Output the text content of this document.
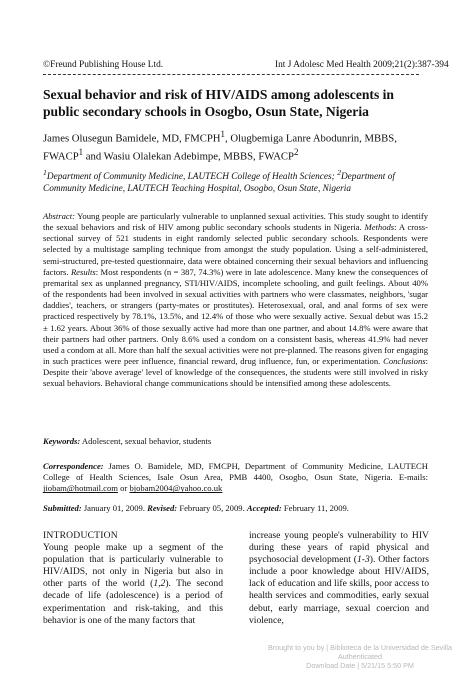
©Freund Publishing House Ltd.	Int J Adolesc Med Health 2009;21(2):387-394
Sexual behavior and risk of HIV/AIDS among adolescents in public secondary schools in Osogbo, Osun State, Nigeria
James Olusegun Bamidele, MD, FMCPH$^1$, Olugbemiga Lanre Abodunrin, MBBS,
FWACP$^1$ and Wasiu Olalekan Adebimpe, MBBS, FWACP$^2$
$^1$Department of Community Medicine, LAUTECH College of Health Sciences; $^2$Department of Community Medicine, LAUTECH Teaching Hospital, Osogbo, Osun State, Nigeria
Abstract: Young people are particularly vulnerable to unplanned sexual activities. This study sought to identify the sexual behaviors and risk of HIV among public secondary schools students in Nigeria. Methods: A cross-sectional survey of 521 students in eight randomly selected public secondary schools. Respondents were selected by a multistage sampling technique from amongst the study population. Using a self-administered, semi-structured, pre-tested questionnaire, data were obtained concerning their sexual behaviors and influencing factors. Results: Most respondents (n = 387, 74.3%) were in late adolescence. Many knew the consequences of premarital sex as unplanned pregnancy, STI/HIV/AIDS, incomplete schooling, and guilt feelings. About 40% of the respondents had been involved in sexual activities with partners who were classmates, neighbors, 'sugar daddies', teachers, or strangers (party-mates or prostitutes). Heterosexual, oral, and anal forms of sex were practiced respectively by 78.1%, 13.5%, and 12.4% of those who were sexually active. Sexual debut was 15.2 ± 1.62 years. About 36% of those sexually active had more than one partner, and about 14.8% were aware that their partners had other partners. Only 8.6% used a condom on a consistent basis, whereas 41.9% had never used a condom at all. More than half the sexual activities were not pre-planned. The reasons given for engaging in such practices were peer influence, financial reward, drug influence, fun, or experimentation. Conclusions: Despite their 'above average' level of knowledge of the consequences, the students were still involved in risky sexual behaviors. Behavioral change communications should be intensified among these adolescents.
Keywords: Adolescent, sexual behavior, students
Correspondence: James O. Bamidele, MD, FMCPH, Department of Community Medicine, LAUTECH College of Health Sciences, Isale Osun Area, PMB 4400, Osogbo, Osun State, Nigeria. E-mails: jiobam@hotmail.com or bjobam2004@yahoo.co.uk
Submitted: January 01, 2009. Revised: February 05, 2009. Accepted: February 11, 2009.
INTRODUCTION
Young people make up a segment of the population that is particularly vulnerable to HIV/AIDS, not only in Nigeria but also in other parts of the world (1,2). The second decade of life (adolescence) is a period of experimentation and risk-taking, and this behavior is one of the many factors that
increase young people's vulnerability to HIV during these years of rapid physical and psychosocial development (1-3). Other factors include a poor knowledge about HIV/AIDS, lack of education and life skills, poor access to health services and commodities, early sexual debut, early marriage, sexual coercion and violence,
Brought to you by | Biblioteca de la Universidad de Sevilla
Authenticated
Download Date | 5/21/15 5:50 PM
